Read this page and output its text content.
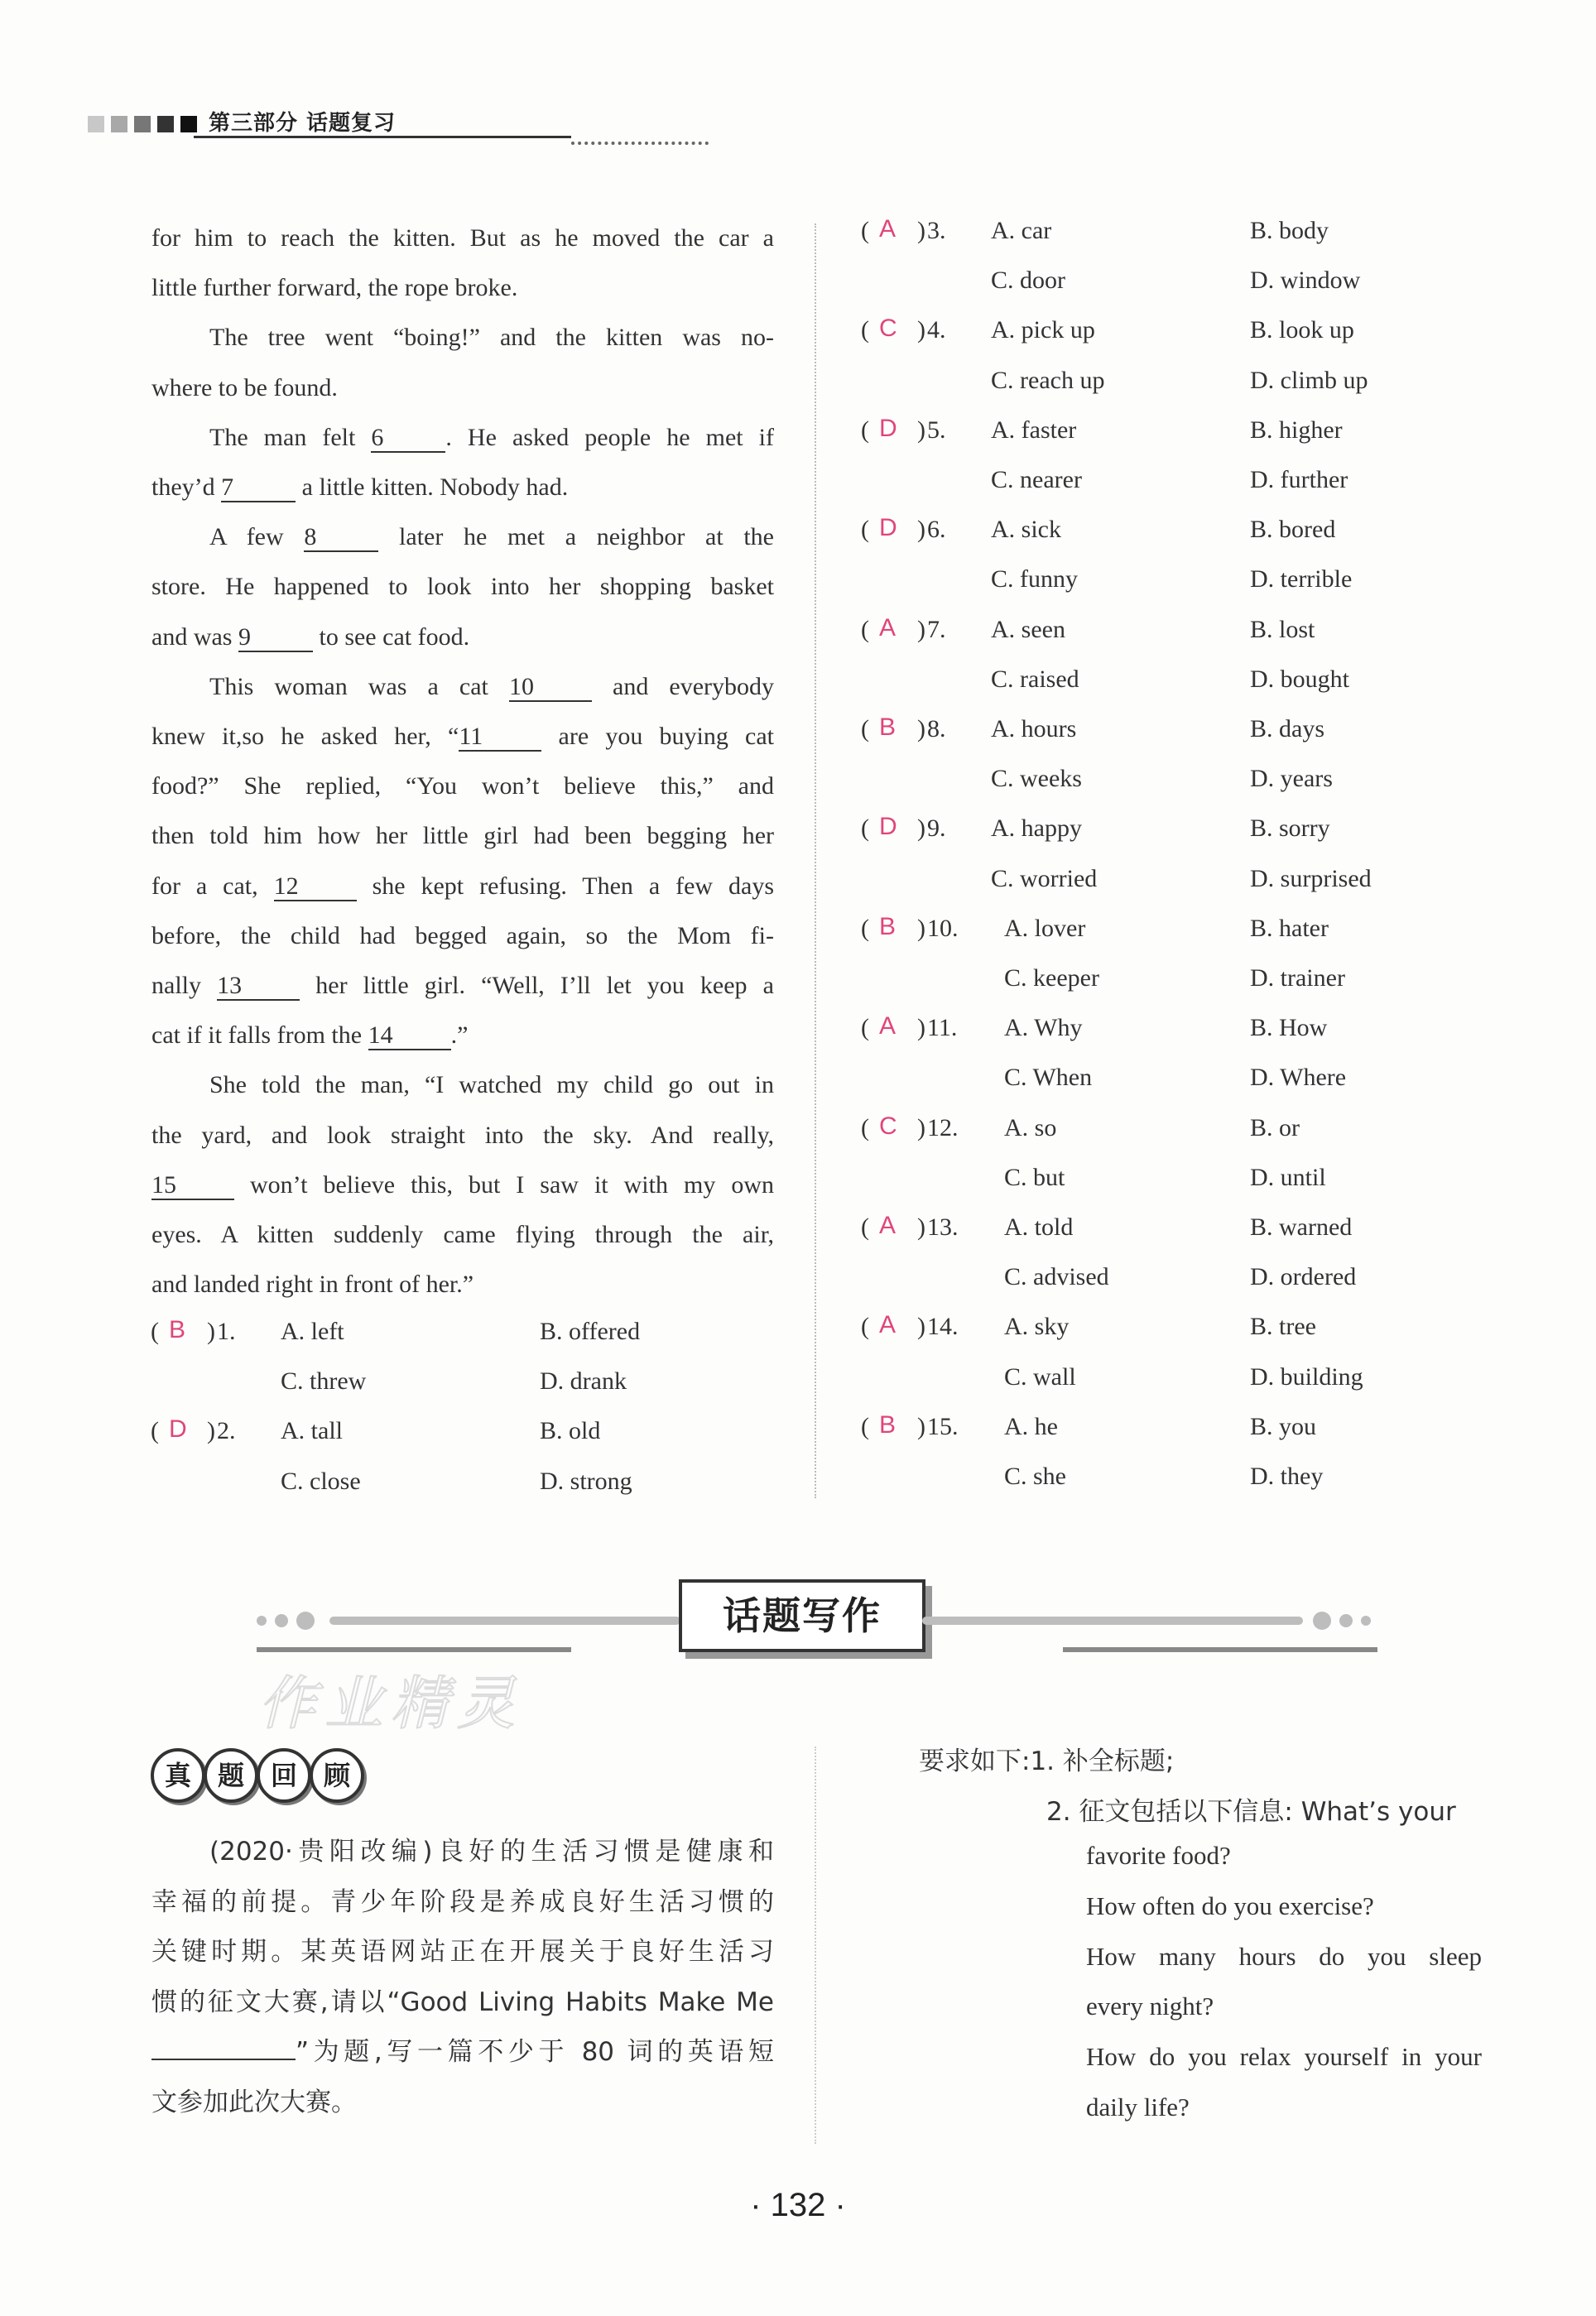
第三部分 话题复习

for him to reach the kitten. But as he moved the car a

little further forward, the rope broke.

The tree went “boing!” and the kitten was no-

where to be found.

The man felt 6	. He asked people he met if

they’d 7	a little kitten. Nobody had.

A few 8	later he met a neighbor at the

store. He happened to look into her shopping basket

and was 9	to see cat food.

This woman was a cat 10	and everybody

knew it,so he asked her, “11	are you buying cat

food?” She replied, “You won’t believe this,” and

then told him how her little girl had been begging her

for a cat, 12	she kept refusing. Then a few days

before, the child had begged again, so the Mom fi-

nally 13	her little girl. “Well, I’ll let you keep a

cat if it falls from the 14 .”

She told the man, “I watched my child go out in

the yard, and look straight into the sky. And really,

15	won’t believe this, but I saw it with my own

eyes. A kitten suddenly came flying through the air,

and landed right in front of her.”

( B ) 1. A. left	B. offered
C. threw	D. drank
( D ) 2. A. tall	B. old
C. close	D. strong
( A ) 3. A. car	B. body
C. door	D. window
( C ) 4. A. pick up	B. look up
C. reach up	D. climb up
( D ) 5. A. faster	B. higher
C. nearer	D. further
( D ) 6. A. sick	B. bored
C. funny	D. terrible
( A ) 7. A. seen	B. lost
C. raised	D. bought
( B ) 8. A. hours	B. days
C. weeks	D. years
( D ) 9. A. happy	B. sorry
C. worried	D. surprised
( B ) 10. A. lover	B. hater
C. keeper	D. trainer
( A ) 11. A. Why	B. How
C. When	D. Where
( C ) 12. A. so	B. or
C. but	D. until
( A ) 13. A. told	B. warned
C. advised	D. ordered
( A ) 14. A. sky	B. tree
C. wall	D. building
( B ) 15. A. he	B. you
C. she	D. they
话题写作
作业精灵
真 题 回 顾

(2020·贵阳改编)良好的生活习惯是健康和

幸福的前提。青少年阶段是养成良好生活习惯的

关键时期。某英语网站正在开展关于良好生活习

惯的征文大赛,请以“Good Living Habits Make Me

”为题,写一篇不少于 80 词的英语短

文参加此次大赛。

要求如下:1. 补全标题;
2. 征文包括以下信息: What’s your
favorite food?
How often do you exercise?
How many hours do you sleep
every night?
How do you relax yourself in your
daily life?
· 132 ·
